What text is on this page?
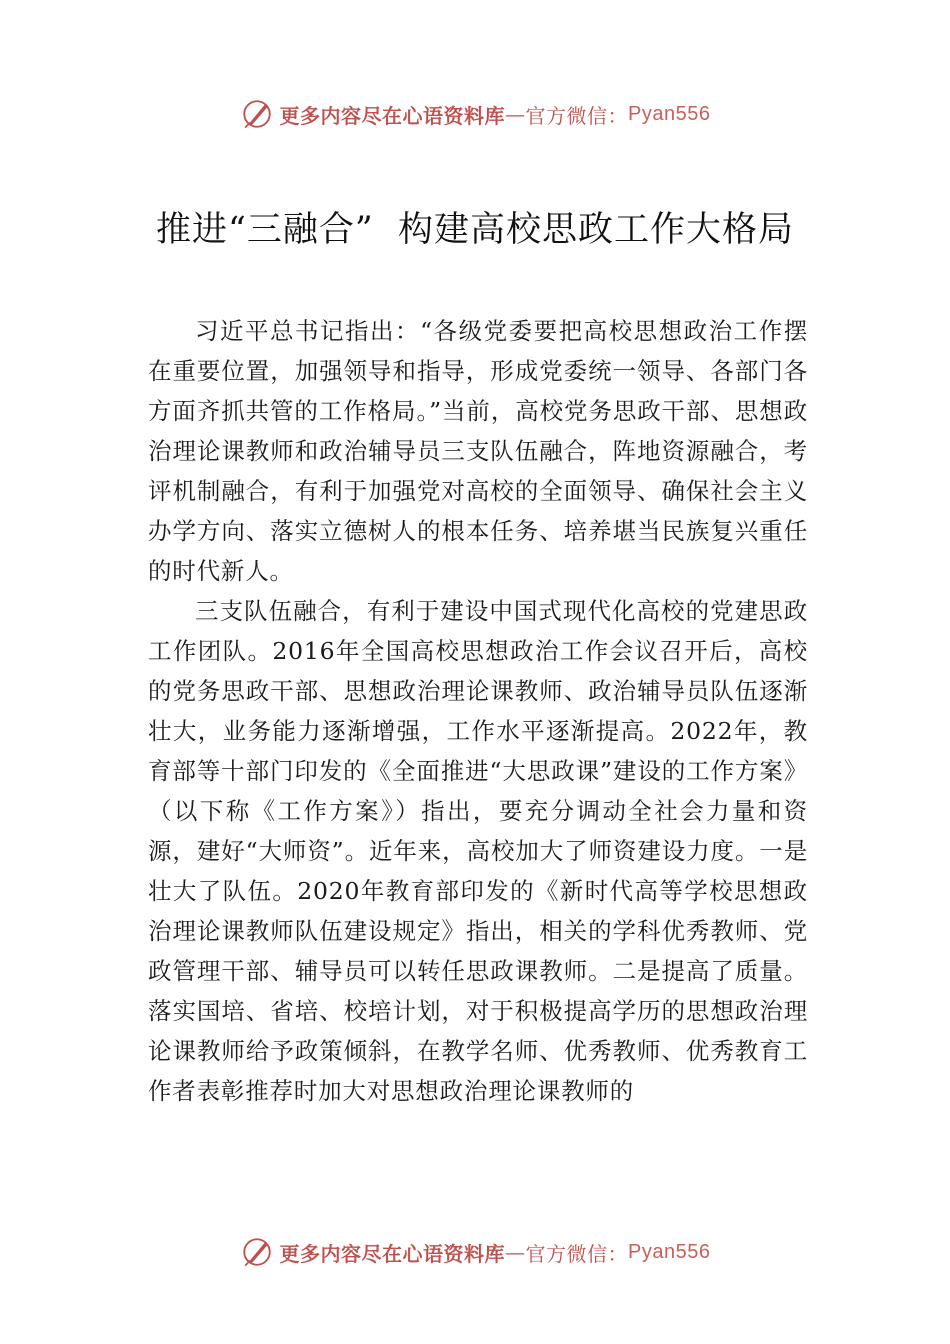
更多内容尽在心语资料库 — 官方微信： Pyan556
推进“三融合”  构建高校思政工作大格局

习近平总书记指出：“各级党委要把高校思想政治工作摆在重要位置，加强领导和指导，形成党委统一领导、各部门各方面齐抓共管的工作格局。”当前，高校党务思政干部、思想政治理论课教师和政治辅导员三支队伍融合，阵地资源融合，考评机制融合，有利于加强党对高校的全面领导、确保社会主义办学方向、落实立德树人的根本任务、培养堪当民族复兴重任的时代新人。

三支队伍融合，有利于建设中国式现代化高校的党建思政工作团队。2016年全国高校思想政治工作会议召开后，高校的党务思政干部、思想政治理论课教师、政治辅导员队伍逐渐壮大，业务能力逐渐增强，工作水平逐渐提高。2022年，教育部等十部门印发的《全面推进“大思政课”建设的工作方案》（以下称《工作方案》）指出，要充分调动全社会力量和资源，建好“大师资”。近年来，高校加大了师资建设力度。一是壮大了队伍。2020年教育部印发的《新时代高等学校思想政治理论课教师队伍建设规定》指出，相关的学科优秀教师、党政管理干部、辅导员可以转任思政课教师。二是提高了质量。落实国培、省培、校培计划，对于积极提高学历的思想政治理论课教师给予政策倾斜，在教学名师、优秀教师、优秀教育工作者表彰推荐时加大对思想政治理论课教师的

更多内容尽在心语资料库 — 官方微信： Pyan556
